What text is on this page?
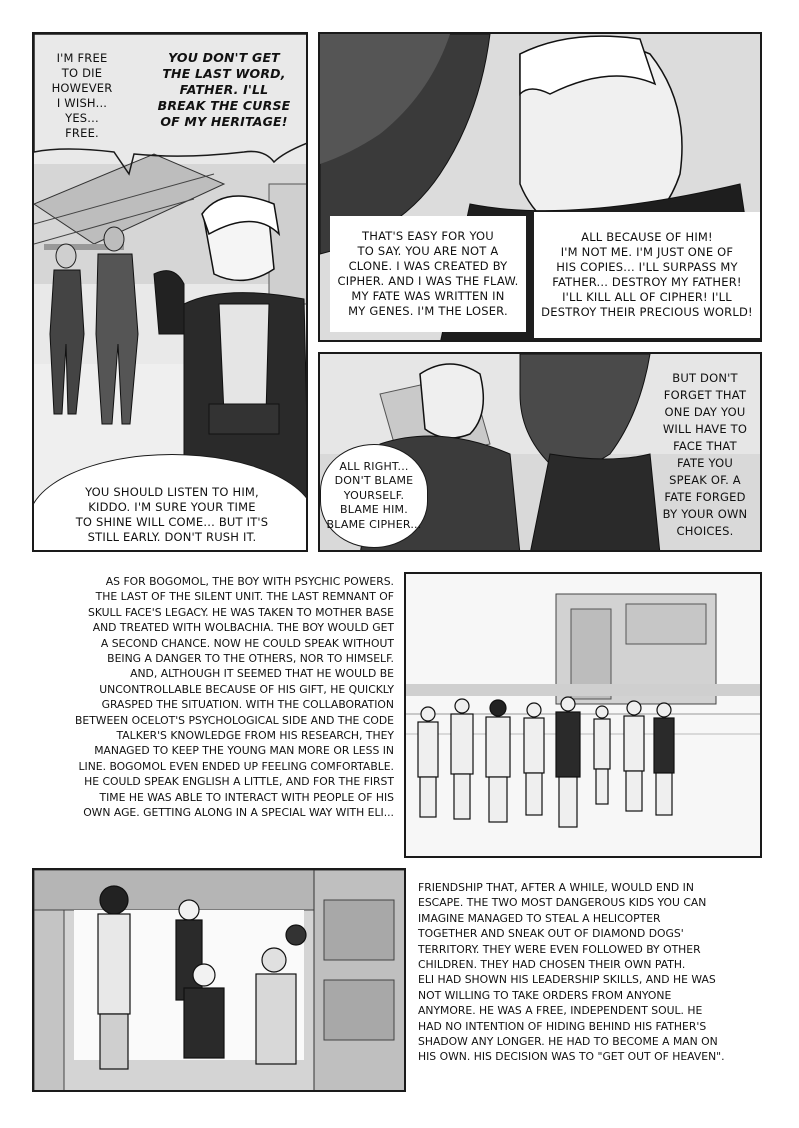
I'M FREE
TO DIE
HOWEVER
I WISH...
YES...
FREE.
YOU DON'T GET
THE LAST WORD,
FATHER. I'LL
BREAK THE CURSE
OF MY HERITAGE!
YOU SHOULD LISTEN TO HIM,
KIDDO. I'M SURE YOUR TIME
TO SHINE WILL COME... BUT IT'S
STILL EARLY. DON'T RUSH IT.
THAT'S EASY FOR YOU
TO SAY. YOU ARE NOT A
CLONE. I WAS CREATED BY
CIPHER. AND I WAS THE FLAW.
MY FATE WAS WRITTEN IN
MY GENES. I'M THE LOSER.
ALL BECAUSE OF HIM!
I'M NOT ME. I'M JUST ONE OF
HIS COPIES... I'LL SURPASS MY
FATHER... DESTROY MY FATHER!
I'LL KILL ALL OF CIPHER! I'LL
DESTROY THEIR PRECIOUS WORLD!
ALL RIGHT...
DON'T BLAME
YOURSELF.
BLAME HIM.
BLAME CIPHER...
BUT DON'T
FORGET THAT
ONE DAY YOU
WILL HAVE TO
FACE THAT
FATE YOU
SPEAK OF. A
FATE FORGED
BY YOUR OWN
CHOICES.
AS FOR BOGOMOL, THE BOY WITH PSYCHIC POWERS.
THE LAST OF THE SILENT UNIT. THE LAST REMNANT OF
SKULL FACE'S LEGACY. HE WAS TAKEN TO MOTHER BASE
AND TREATED WITH WOLBACHIA. THE BOY WOULD GET
A SECOND CHANCE. NOW HE COULD SPEAK WITHOUT
BEING A DANGER TO THE OTHERS, NOR TO HIMSELF.
AND, ALTHOUGH IT SEEMED THAT HE WOULD BE
UNCONTROLLABLE BECAUSE OF HIS GIFT, HE QUICKLY
GRASPED THE SITUATION. WITH THE COLLABORATION
BETWEEN OCELOT'S PSYCHOLOGICAL SIDE AND THE CODE
TALKER'S KNOWLEDGE FROM HIS RESEARCH, THEY
MANAGED TO KEEP THE YOUNG MAN MORE OR LESS IN
LINE. BOGOMOL EVEN ENDED UP FEELING COMFORTABLE.
HE COULD SPEAK ENGLISH A LITTLE, AND FOR THE FIRST
TIME HE WAS ABLE TO INTERACT WITH PEOPLE OF HIS
OWN AGE. GETTING ALONG IN A SPECIAL WAY WITH ELI...
FRIENDSHIP THAT, AFTER A WHILE, WOULD END IN
ESCAPE. THE TWO MOST DANGEROUS KIDS YOU CAN
IMAGINE MANAGED TO STEAL A HELICOPTER
TOGETHER AND SNEAK OUT OF DIAMOND DOGS'
TERRITORY. THEY WERE EVEN FOLLOWED BY OTHER
CHILDREN. THEY HAD CHOSEN THEIR OWN PATH.
ELI HAD SHOWN HIS LEADERSHIP SKILLS, AND HE WAS
NOT WILLING TO TAKE ORDERS FROM ANYONE
ANYMORE. HE WAS A FREE, INDEPENDENT SOUL. HE
HAD NO INTENTION OF HIDING BEHIND HIS FATHER'S
SHADOW ANY LONGER. HE HAD TO BECOME A MAN ON
HIS OWN. HIS DECISION WAS TO "GET OUT OF HEAVEN".
